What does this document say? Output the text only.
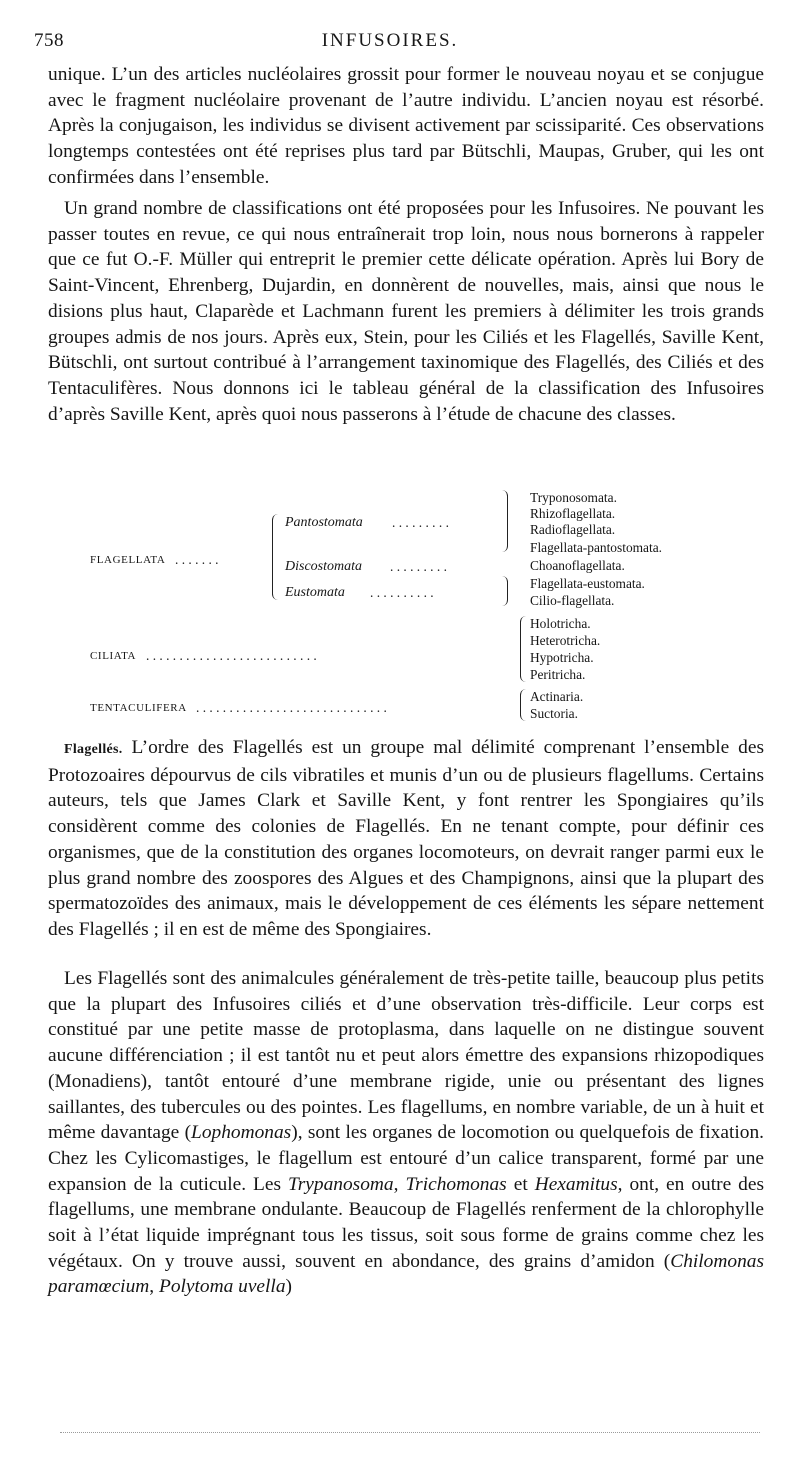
758	INFUSOIRES.

unique. L’un des articles nucléolaires grossit pour former le nouveau noyau et se conjugue avec le fragment nucléolaire provenant de l’autre individu. L’ancien noyau est résorbé. Après la conjugaison, les individus se divisent activement par scissiparité. Ces observations longtemps contestées ont été reprises plus tard par Bütschli, Maupas, Gruber, qui les ont confirmées dans l’ensemble.

Un grand nombre de classifications ont été proposées pour les Infusoires. Ne pouvant les passer toutes en revue, ce qui nous entraînerait trop loin, nous nous bornerons à rappeler que ce fut O.-F. Müller qui entreprit le premier cette délicate opération. Après lui Bory de Saint-Vincent, Ehrenberg, Dujardin, en donnèrent de nouvelles, mais, ainsi que nous le disions plus haut, Claparède et Lachmann furent les premiers à délimiter les trois grands groupes admis de nos jours. Après eux, Stein, pour les Ciliés et les Flagellés, Saville Kent, Bütschli, ont surtout contribué à l’arrangement taxinomique des Flagellés, des Ciliés et des Tentaculifères. Nous donnons ici le tableau général de la classification des Infusoires d’après Saville Kent, après quoi nous passerons à l’étude de chacune des classes.

FLAGELLATA . . . . . . .
Pantostomata . . . . . . . . .
Discostomata . . . . . . . . .
Eustomata . . . . . . . . . .
Tryponosomata.
Rhizoflagellata.
Radioflagellata.
Flagellata-pantostomata.
Choanoflagellata.
Flagellata-eustomata.
Cilio-flagellata.
CILIATA . . . . . . . . . . . . . . . . . . . . . . . . . .
Holotricha.
Heterotricha.
Hypotricha.
Peritricha.
TENTACULIFERA . . . . . . . . . . . . . . . . . . . . . . . . . . . . .
Actinaria.
Suctoria.

Flagellés. L’ordre des Flagellés est un groupe mal délimité comprenant l’ensemble des Protozoaires dépourvus de cils vibratiles et munis d’un ou de plusieurs flagellums. Certains auteurs, tels que James Clark et Saville Kent, y font rentrer les Spongiaires qu’ils considèrent comme des colonies de Flagellés. En ne tenant compte, pour définir ces organismes, que de la constitution des organes locomoteurs, on devrait ranger parmi eux le plus grand nombre des zoospores des Algues et des Champignons, ainsi que la plupart des spermatozoïdes des animaux, mais le développement de ces éléments les sépare nettement des Flagellés ; il en est de même des Spongiaires.

Les Flagellés sont des animalcules généralement de très-petite taille, beaucoup plus petits que la plupart des Infusoires ciliés et d’une observation très-difficile. Leur corps est constitué par une petite masse de protoplasma, dans laquelle on ne distingue souvent aucune différenciation ; il est tantôt nu et peut alors émettre des expansions rhizopodiques (Monadiens), tantôt entouré d’une membrane rigide, unie ou présentant des lignes saillantes, des tubercules ou des pointes. Les flagellums, en nombre variable, de un à huit et même davantage (Lophomonas), sont les organes de locomotion ou quelquefois de fixation. Chez les Cylicomastiges, le flagellum est entouré d’un calice transparent, formé par une expansion de la cuticule. Les Trypanosoma, Trichomonas et Hexamitus, ont, en outre des flagellums, une membrane ondulante. Beaucoup de Flagellés renferment de la chlorophylle soit à l’état liquide imprégnant tous les tissus, soit sous forme de grains comme chez les végétaux. On y trouve aussi, souvent en abondance, des grains d’amidon (Chilomonas paramœcium, Polytoma uvella)
